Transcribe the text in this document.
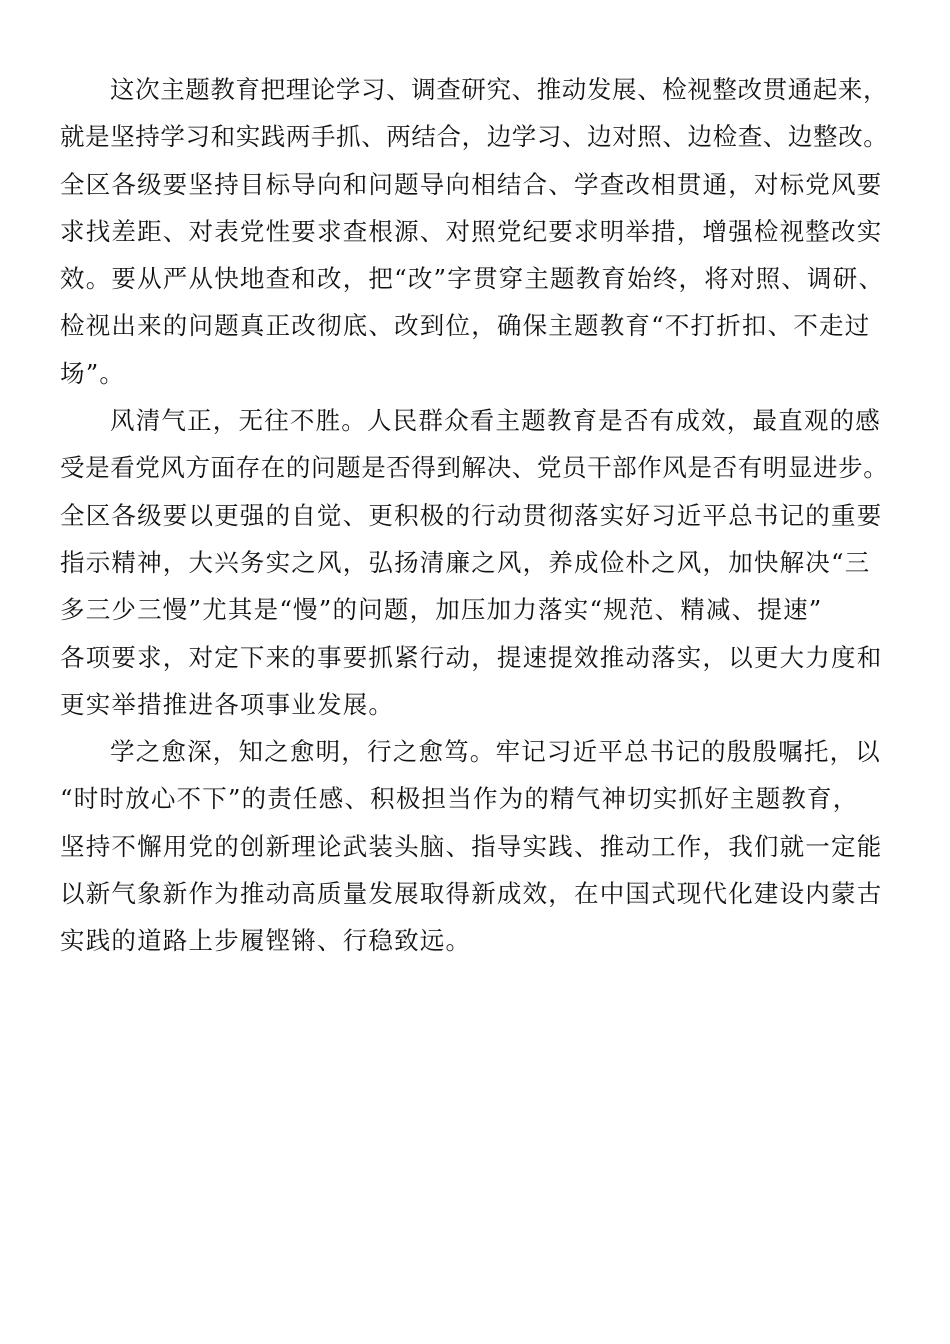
这次主题教育把理论学习、调查研究、推动发展、检视整改贯通起来，
就是坚持学习和实践两手抓、两结合，边学习、边对照、边检查、边整改。
全区各级要坚持目标导向和问题导向相结合、学查改相贯通，对标党风要
求找差距、对表党性要求查根源、对照党纪要求明举措，增强检视整改实
效。要从严从快地查和改，把“改”字贯穿主题教育始终，将对照、调研、
检视出来的问题真正改彻底、改到位，确保主题教育“不打折扣、不走过
场”。
风清气正，无往不胜。人民群众看主题教育是否有成效，最直观的感
受是看党风方面存在的问题是否得到解决、党员干部作风是否有明显进步。
全区各级要以更强的自觉、更积极的行动贯彻落实好习近平总书记的重要
指示精神，大兴务实之风，弘扬清廉之风，养成俭朴之风，加快解决“三
多三少三慢”尤其是“慢”的问题，加压加力落实“规范、精减、提速”
各项要求，对定下来的事要抓紧行动，提速提效推动落实，以更大力度和
更实举措推进各项事业发展。
学之愈深，知之愈明，行之愈笃。牢记习近平总书记的殷殷嘱托，以
“时时放心不下”的责任感、积极担当作为的精气神切实抓好主题教育，
坚持不懈用党的创新理论武装头脑、指导实践、推动工作，我们就一定能
以新气象新作为推动高质量发展取得新成效，在中国式现代化建设内蒙古
实践的道路上步履铿锵、行稳致远。
